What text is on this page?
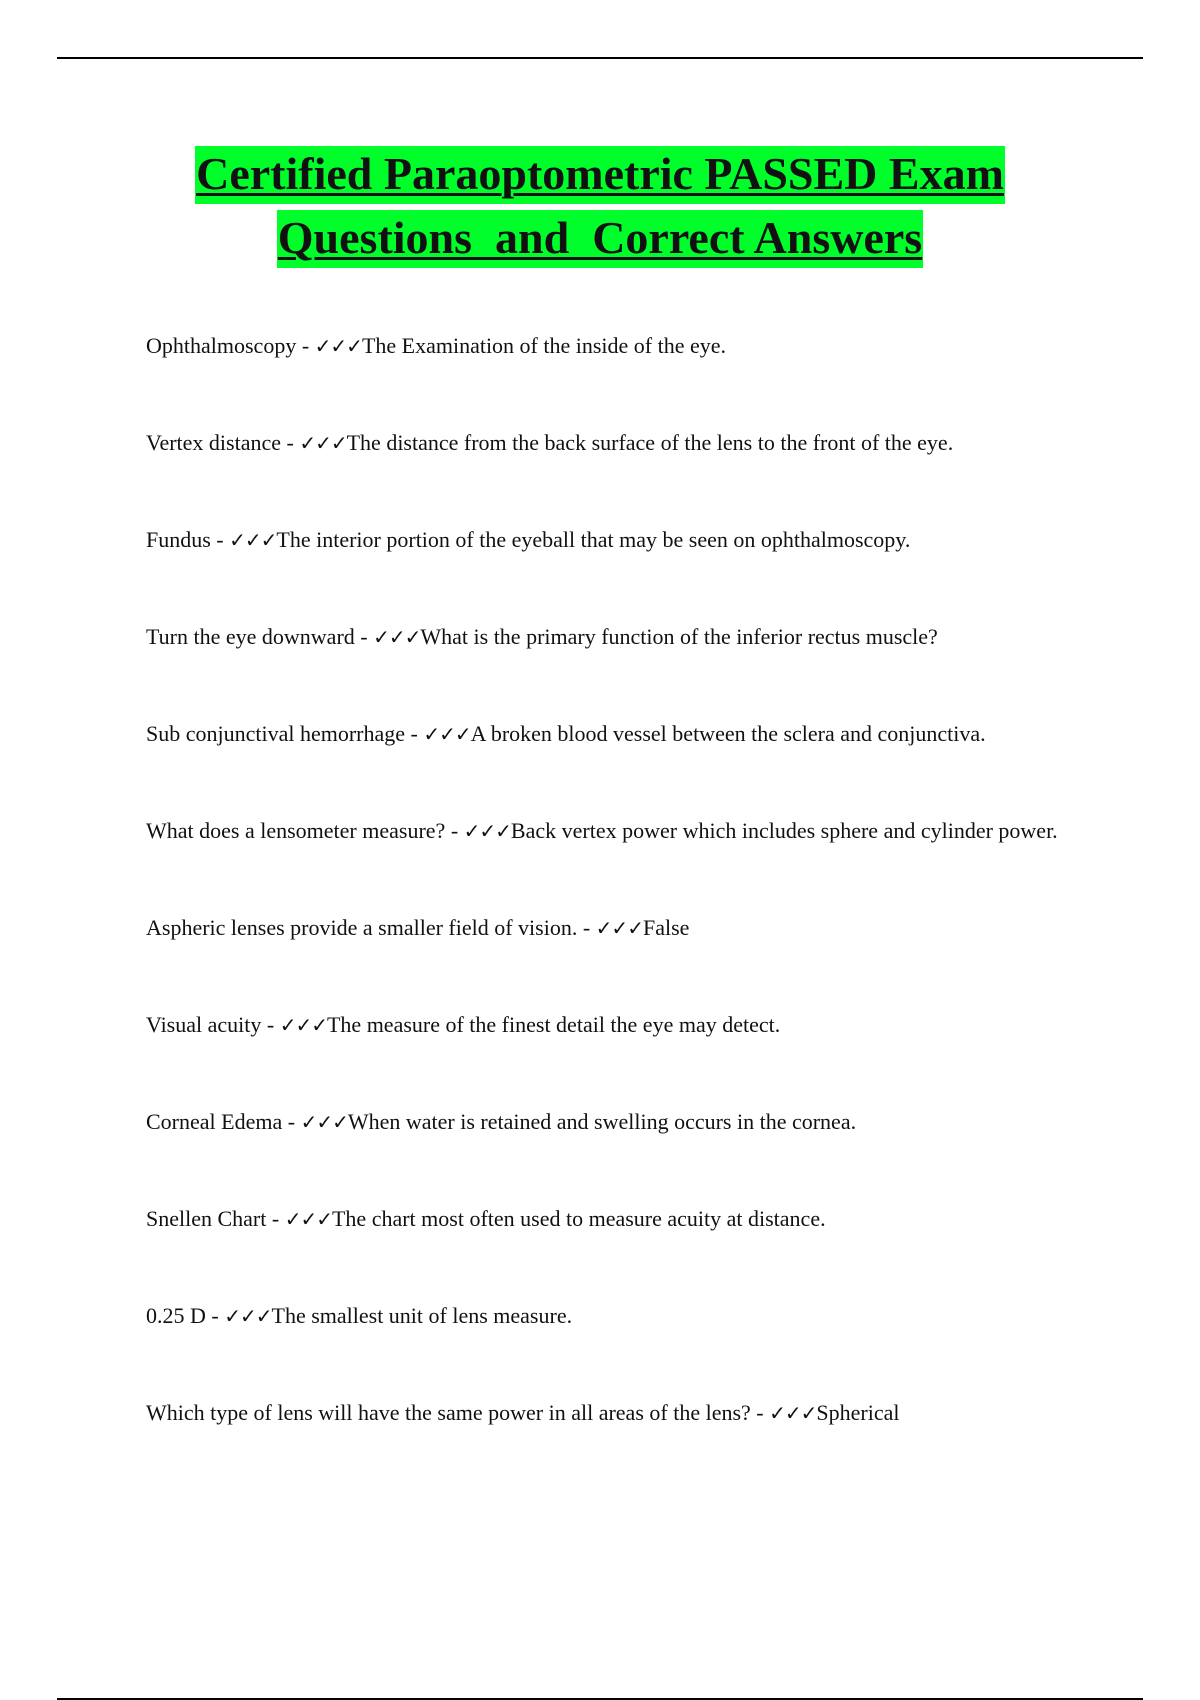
Certified Paraoptometric PASSED Exam
Questions  and  Correct Answers
Ophthalmoscopy - ✓✓✓The Examination of the inside of the eye.
Vertex distance - ✓✓✓The distance from the back surface of the lens to the front of the eye.
Fundus - ✓✓✓The interior portion of the eyeball that may be seen on ophthalmoscopy.
Turn the eye downward - ✓✓✓What is the primary function of the inferior rectus muscle?
Sub conjunctival hemorrhage - ✓✓✓A broken blood vessel between the sclera and conjunctiva.
What does a lensometer measure? - ✓✓✓Back vertex power which includes sphere and cylinder power.
Aspheric lenses provide a smaller field of vision. - ✓✓✓False
Visual acuity - ✓✓✓The measure of the finest detail the eye may detect.
Corneal Edema - ✓✓✓When water is retained and swelling occurs in the cornea.
Snellen Chart - ✓✓✓The chart most often used to measure acuity at distance.
0.25 D - ✓✓✓The smallest unit of lens measure.
Which type of lens will have the same power in all areas of the lens? - ✓✓✓Spherical
